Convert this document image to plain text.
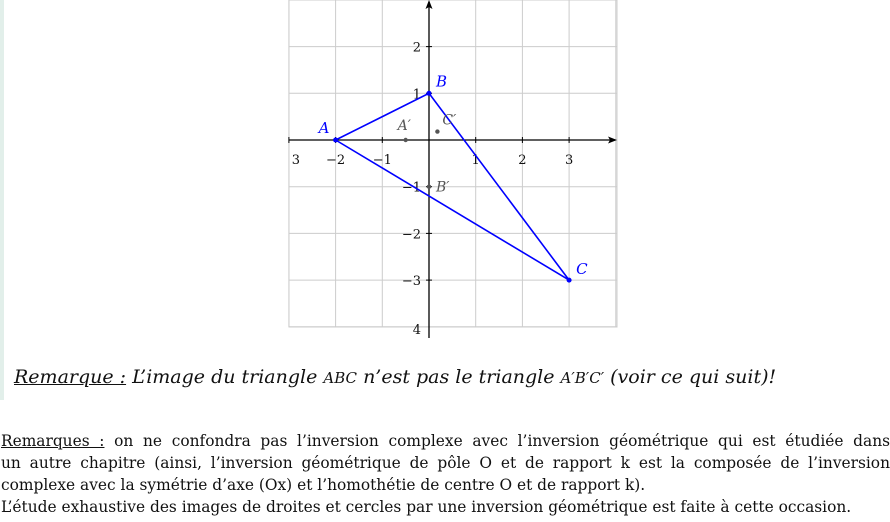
3 −2 −1	1	2	3
2
1
−1
−2
−3
4
A
B
C
A′
B′
C′
Remarque : L’image du triangle ABC n’est pas le triangle A′B′C′ (voir ce qui suit)!
Remarques : on ne confondra pas l’inversion complexe avec l’inversion géométrique qui est étudiée dans
un autre chapitre (ainsi, l’inversion géométrique de pôle O et de rapport k est la composée de l’inversion
complexe avec la symétrie d’axe (Ox) et l’homothétie de centre O et de rapport k).
L’étude exhaustive des images de droites et cercles par une inversion géométrique est faite à cette occasion.
